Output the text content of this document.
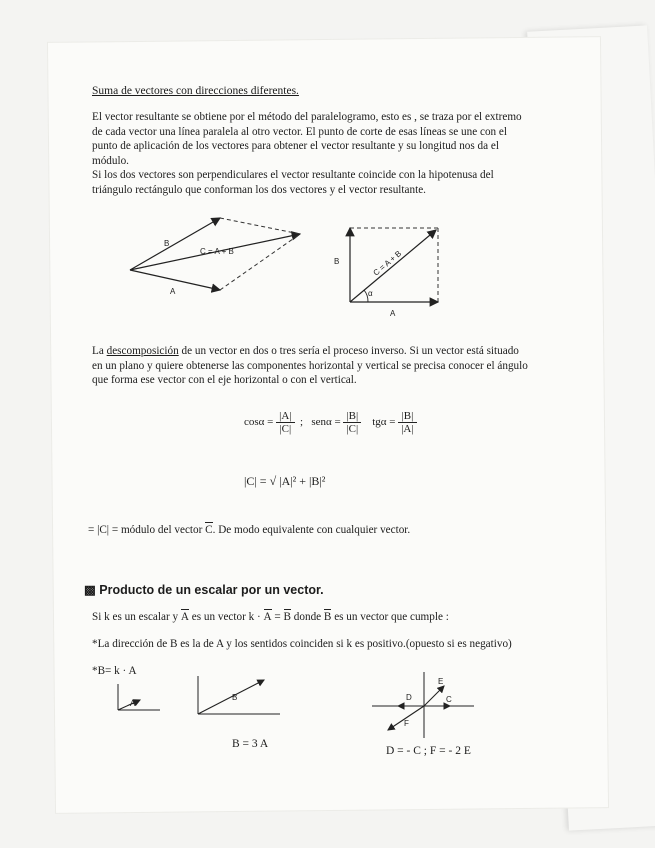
Suma de vectores con direcciones diferentes.
El vector resultante se obtiene por el método del paralelogramo, esto es , se traza por el extremo de cada vector una línea paralela al otro vector. El punto de corte de esas líneas se une con el punto de aplicación de los vectores para obtener el vector resultante y su longitud nos da el módulo.
Si los dos vectores son perpendiculares el vector resultante coincide con la hipotenusa del triángulo rectángulo que conforman los dos vectores y el vector resultante.
B
C = A + B
A
B	C = A + B
α
A
La descomposición de un vector en dos o tres sería el proceso inverso. Si un vector está situado en un plano y quiere obtenerse las componentes horizontal y vertical se precisa conocer el ángulo que forma ese vector con el eje horizontal o con el vertical.
$\cos\alpha = \frac{|A|}{|C|}$ ; $sen\alpha = \frac{|B|}{|C|}$ $tg\alpha = \frac{|B|}{|A|}$
|C| = √ |A|² + |B|²
= |C| = módulo del vector C. De modo equivalente con cualquier vector.
▩ Producto de un escalar por un vector.
Si k es un escalar y A es un vector k · A = B donde B es un vector que cumple :
*La dirección de B es la de A y los sentidos coinciden si k es positivo.(opuesto si es negativo)
*B= k · A
A
B
B = 3 A
E
D	C
F
D = - C ; F = - 2 E
